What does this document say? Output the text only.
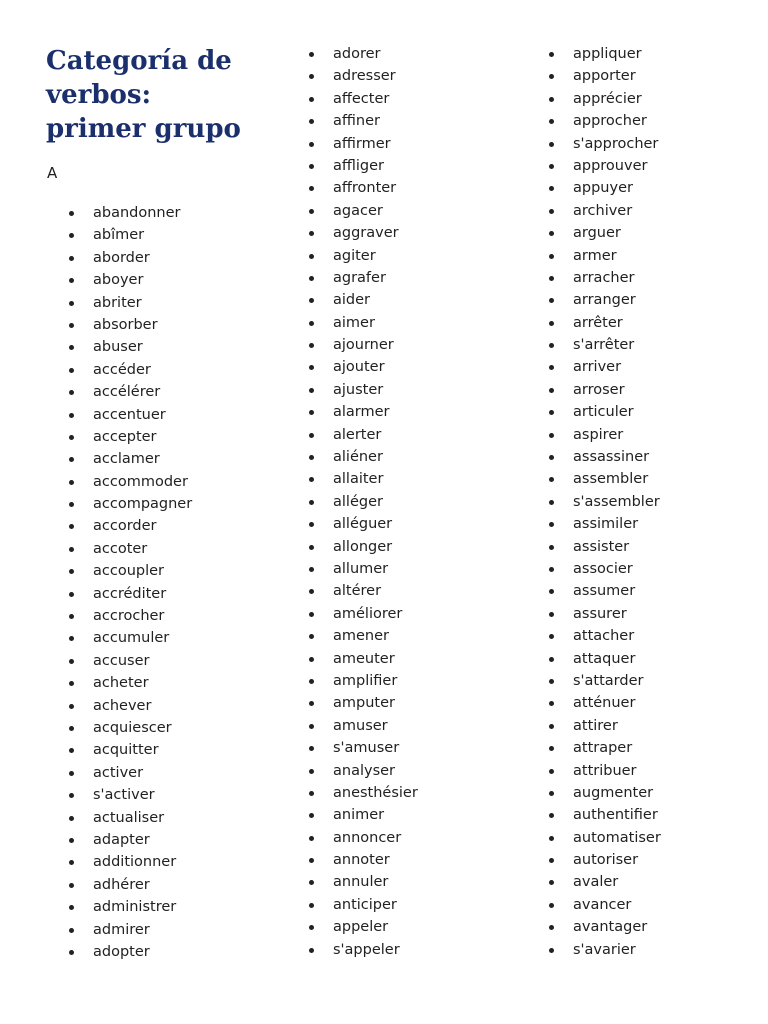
Categoría de
verbos:
primer grupo
A
abandonner
abîmer
aborder
aboyer
abriter
absorber
abuser
accéder
accélérer
accentuer
accepter
acclamer
accommoder
accompagner
accorder
accoter
accoupler
accréditer
accrocher
accumuler
accuser
acheter
achever
acquiescer
acquitter
activer
s'activer
actualiser
adapter
additionner
adhérer
administrer
admirer
adopter
adorer
adresser
affecter
affiner
affirmer
affliger
affronter
agacer
aggraver
agiter
agrafer
aider
aimer
ajourner
ajouter
ajuster
alarmer
alerter
aliéner
allaiter
alléger
alléguer
allonger
allumer
altérer
améliorer
amener
ameuter
amplifier
amputer
amuser
s'amuser
analyser
anesthésier
animer
annoncer
annoter
annuler
anticiper
appeler
s'appeler
appliquer
apporter
apprécier
approcher
s'approcher
approuver
appuyer
archiver
arguer
armer
arracher
arranger
arrêter
s'arrêter
arriver
arroser
articuler
aspirer
assassiner
assembler
s'assembler
assimiler
assister
associer
assumer
assurer
attacher
attaquer
s'attarder
atténuer
attirer
attraper
attribuer
augmenter
authentifier
automatiser
autoriser
avaler
avancer
avantager
s'avarier
